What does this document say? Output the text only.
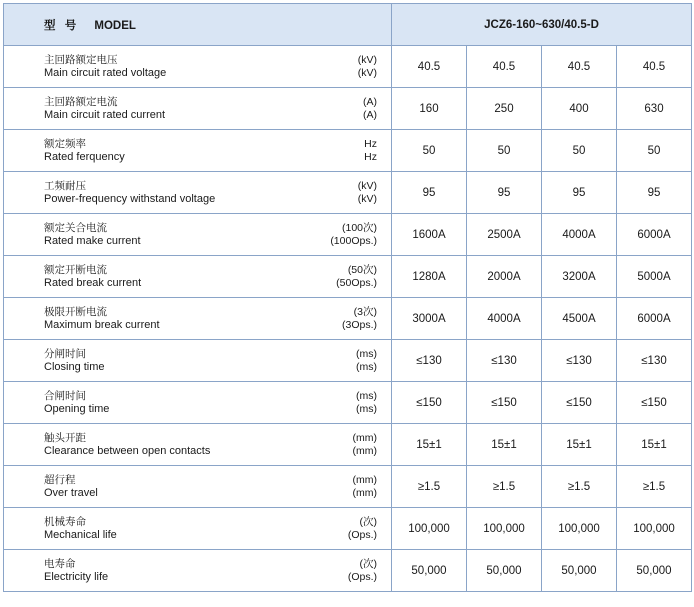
型 号 MODEL	JCZ6-160~630/40.5-D			

主回路额定电压
Main circuit rated voltage
(kV)
(kV)	40.5	40.5	40.5	40.5

主回路额定电流
Main circuit rated current
(A)
(A)	160	250	400	630

额定频率
Rated ferquency
Hz
Hz	50	50	50	50

工频耐压
Power-frequency withstand voltage
(kV)
(kV)	95	95	95	95

额定关合电流
Rated make current
(100次)
(100Ops.)	1600A	2500A	4000A	6000A

额定开断电流
Rated break current
(50次)
(50Ops.)	1280A	2000A	3200A	5000A

极限开断电流
Maximum break current
(3次)
(3Ops.)	3000A	4000A	4500A	6000A

分闸时间
Closing time
(ms)
(ms)	≤130	≤130	≤130	≤130

合闸时间
Opening time
(ms)
(ms)	≤150	≤150	≤150	≤150

触头开距
Clearance between open contacts
(mm)
(mm)	15±1	15±1	15±1	15±1

超行程
Over travel
(mm)
(mm)	≥1.5	≥1.5	≥1.5	≥1.5

机械寿命
Mechanical life
(次)
(Ops.)	100,000	100,000	100,000	100,000

电寿命
Electricity life
(次)
(Ops.)	50,000	50,000	50,000	50,000
